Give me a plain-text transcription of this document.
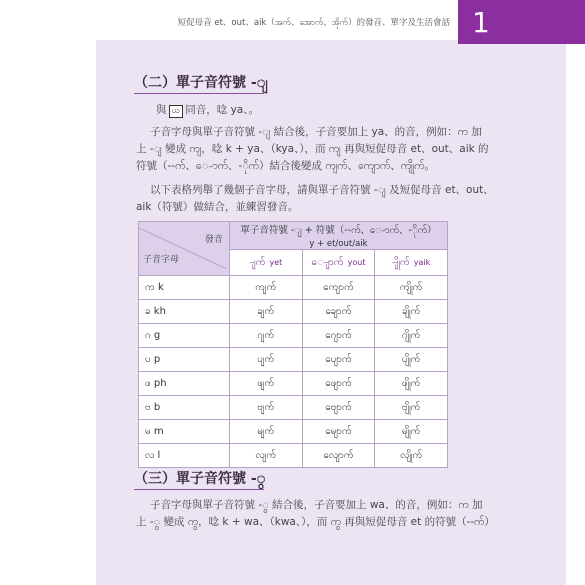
短促母音 et、out、aik（အက်、အောက်、အိုက်）的發音、單字及生活會話 1
（二）單子音符號 -ျ
與 ယ 同音，唸 ya、。
子音字母與單子音符號 -ျ 結合後，子音要加上 ya、的音，例如：က 加
上 -ျ 變成 ကျ，唸 k + ya、（kya、），而 ကျ 再與短促母音 et、out、aik 的
符號（--က်、ေ-ာက်、-ိုက်）結合後變成 ကျက်、ကျောက်、ကျိုက်。
以下表格列舉了幾個子音字母，請與單子音符號 -ျ 及短促母音 et、out、
aik（符號）做結合，並練習發音。
發音
子音字母	單子音符號 -ျ + 符號（--က်、ေ-ာက်、-ိုက်）
y + et/out/aik		
	-ျက် yet	ေ-ျာက် yout	-ျိုက် yaik
က k	ကျက်	ကျောက်	ကျိုက်
ခ kh	ချက်	ချောက်	ချိုက်
ဂ g	ဂျက်	ဂျောက်	ဂျိုက်
ပ p	ပျက်	ပျောက်	ပျိုက်
ဖ ph	ဖျက်	ဖျောက်	ဖျိုက်
ဗ b	ဗျက်	ဗျောက်	ဗျိုက်
မ m	မျက်	မျောက်	မျိုက်
လ l	လျက်	လျောက်	လျိုက်
（三）單子音符號 -ွ
子音字母與單子音符號 -ွ 結合後，子音要加上 wa、的音，例如：က 加
上 -ွ 變成 ကွ，唸 k + wa、（kwa、），而 ကွ 再與短促母音 et 的符號（--က်）
